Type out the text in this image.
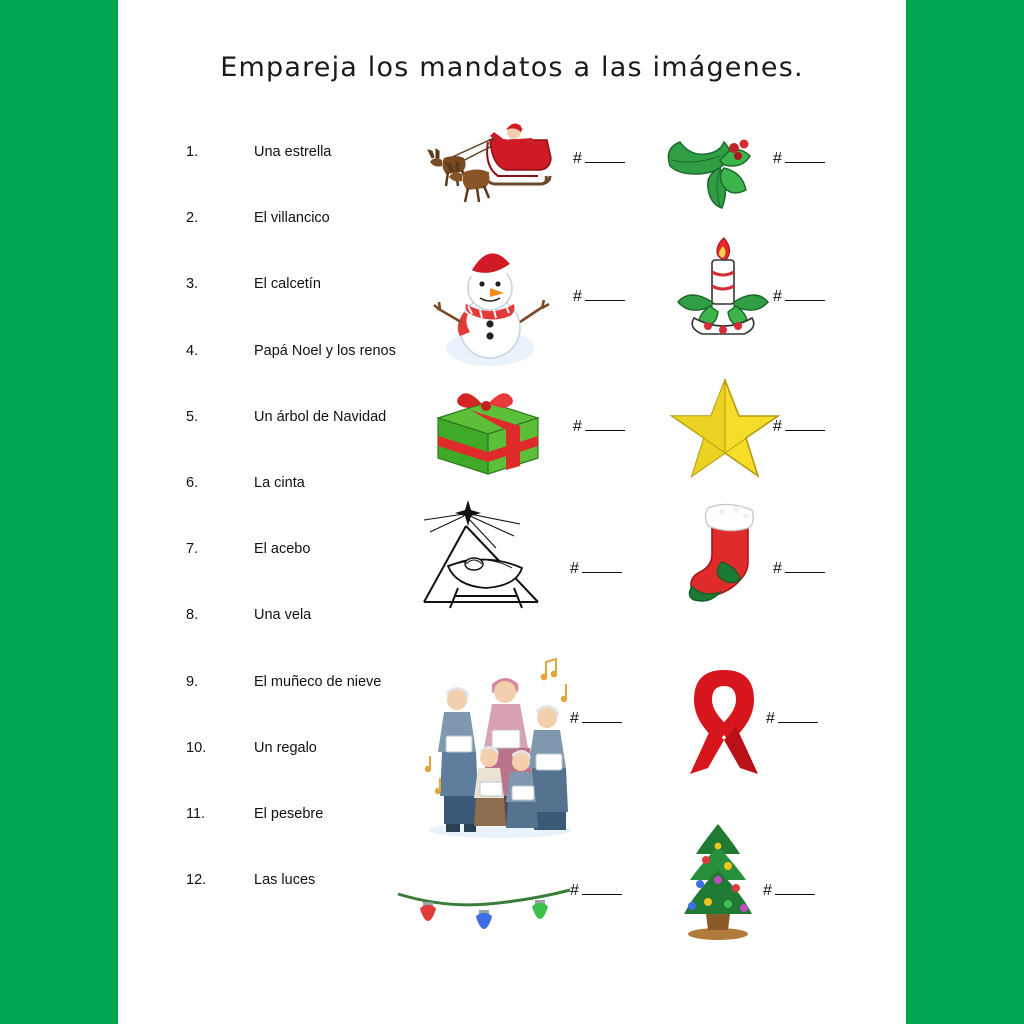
Empareja los mandatos a las imágenes.
1.	Una estrella
2.	El villancico
3.	El calcetín
4.	Papá Noel y los renos
5.	Un árbol de Navidad
6.	La cinta
7.	El acebo
8.	Una vela
9.	El muñeco de nieve
10.	Un regalo
11.	El pesebre
12.	Las luces
#	#
#	#
#	#
#	#
#	#
#	#
